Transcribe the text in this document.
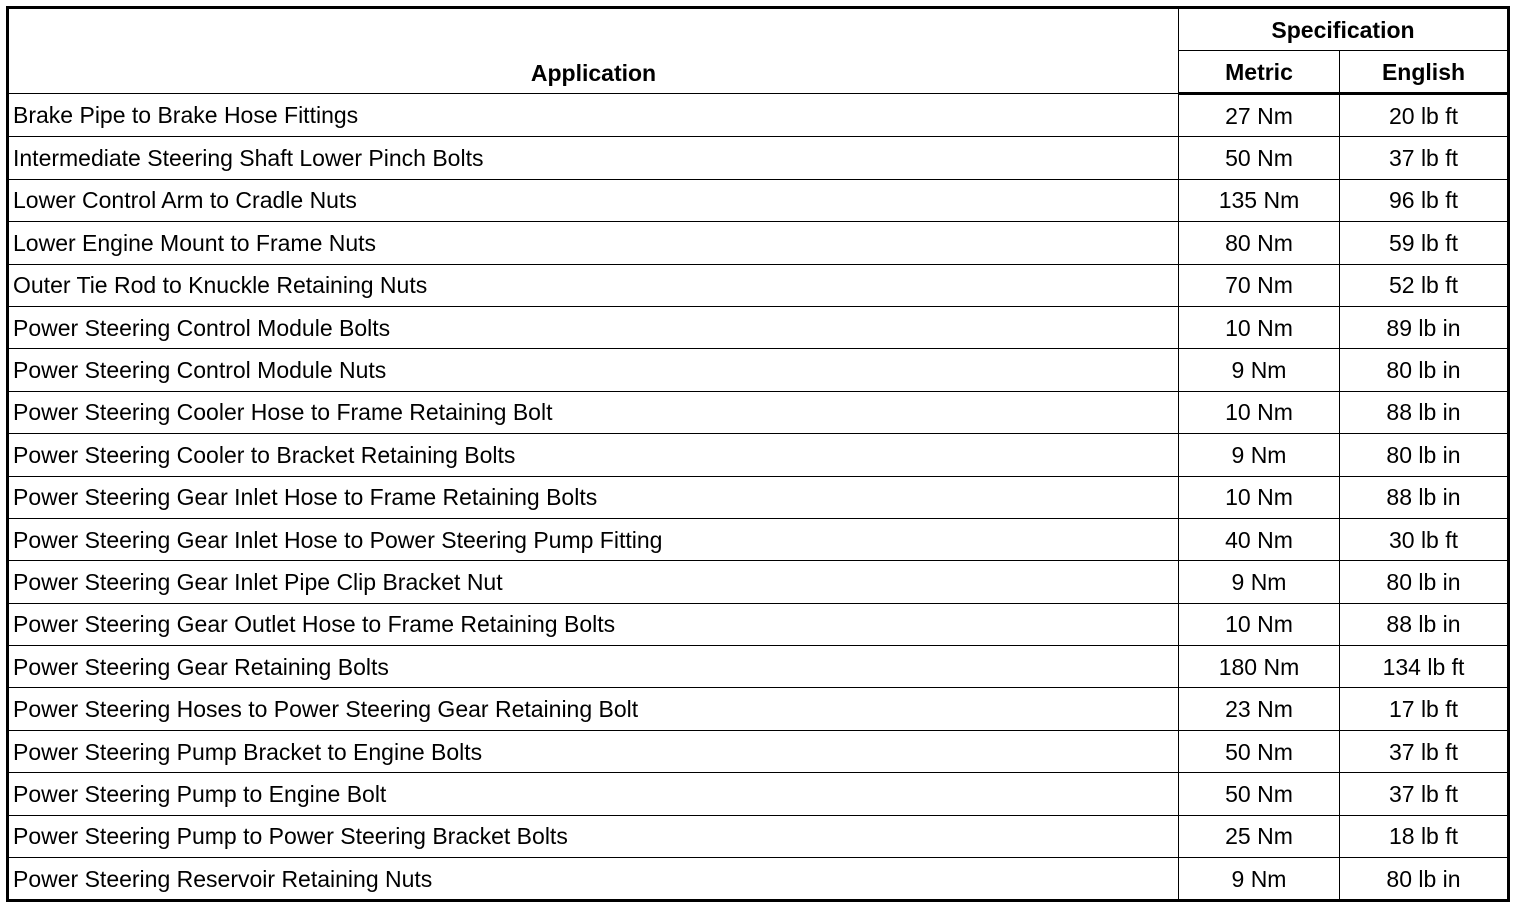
Application	Specification	
	Metric	English
Brake Pipe to Brake Hose Fittings	27 Nm	20 lb ft
Intermediate Steering Shaft Lower Pinch Bolts	50 Nm	37 lb ft
Lower Control Arm to Cradle Nuts	135 Nm	96 lb ft
Lower Engine Mount to Frame Nuts	80 Nm	59 lb ft
Outer Tie Rod to Knuckle Retaining Nuts	70 Nm	52 lb ft
Power Steering Control Module Bolts	10 Nm	89 lb in
Power Steering Control Module Nuts	9 Nm	80 lb in
Power Steering Cooler Hose to Frame Retaining Bolt	10 Nm	88 lb in
Power Steering Cooler to Bracket Retaining Bolts	9 Nm	80 lb in
Power Steering Gear Inlet Hose to Frame Retaining Bolts	10 Nm	88 lb in
Power Steering Gear Inlet Hose to Power Steering Pump Fitting	40 Nm	30 lb ft
Power Steering Gear Inlet Pipe Clip Bracket Nut	9 Nm	80 lb in
Power Steering Gear Outlet Hose to Frame Retaining Bolts	10 Nm	88 lb in
Power Steering Gear Retaining Bolts	180 Nm	134 lb ft
Power Steering Hoses to Power Steering Gear Retaining Bolt	23 Nm	17 lb ft
Power Steering Pump Bracket to Engine Bolts	50 Nm	37 lb ft
Power Steering Pump to Engine Bolt	50 Nm	37 lb ft
Power Steering Pump to Power Steering Bracket Bolts	25 Nm	18 lb ft
Power Steering Reservoir Retaining Nuts	9 Nm	80 lb in
